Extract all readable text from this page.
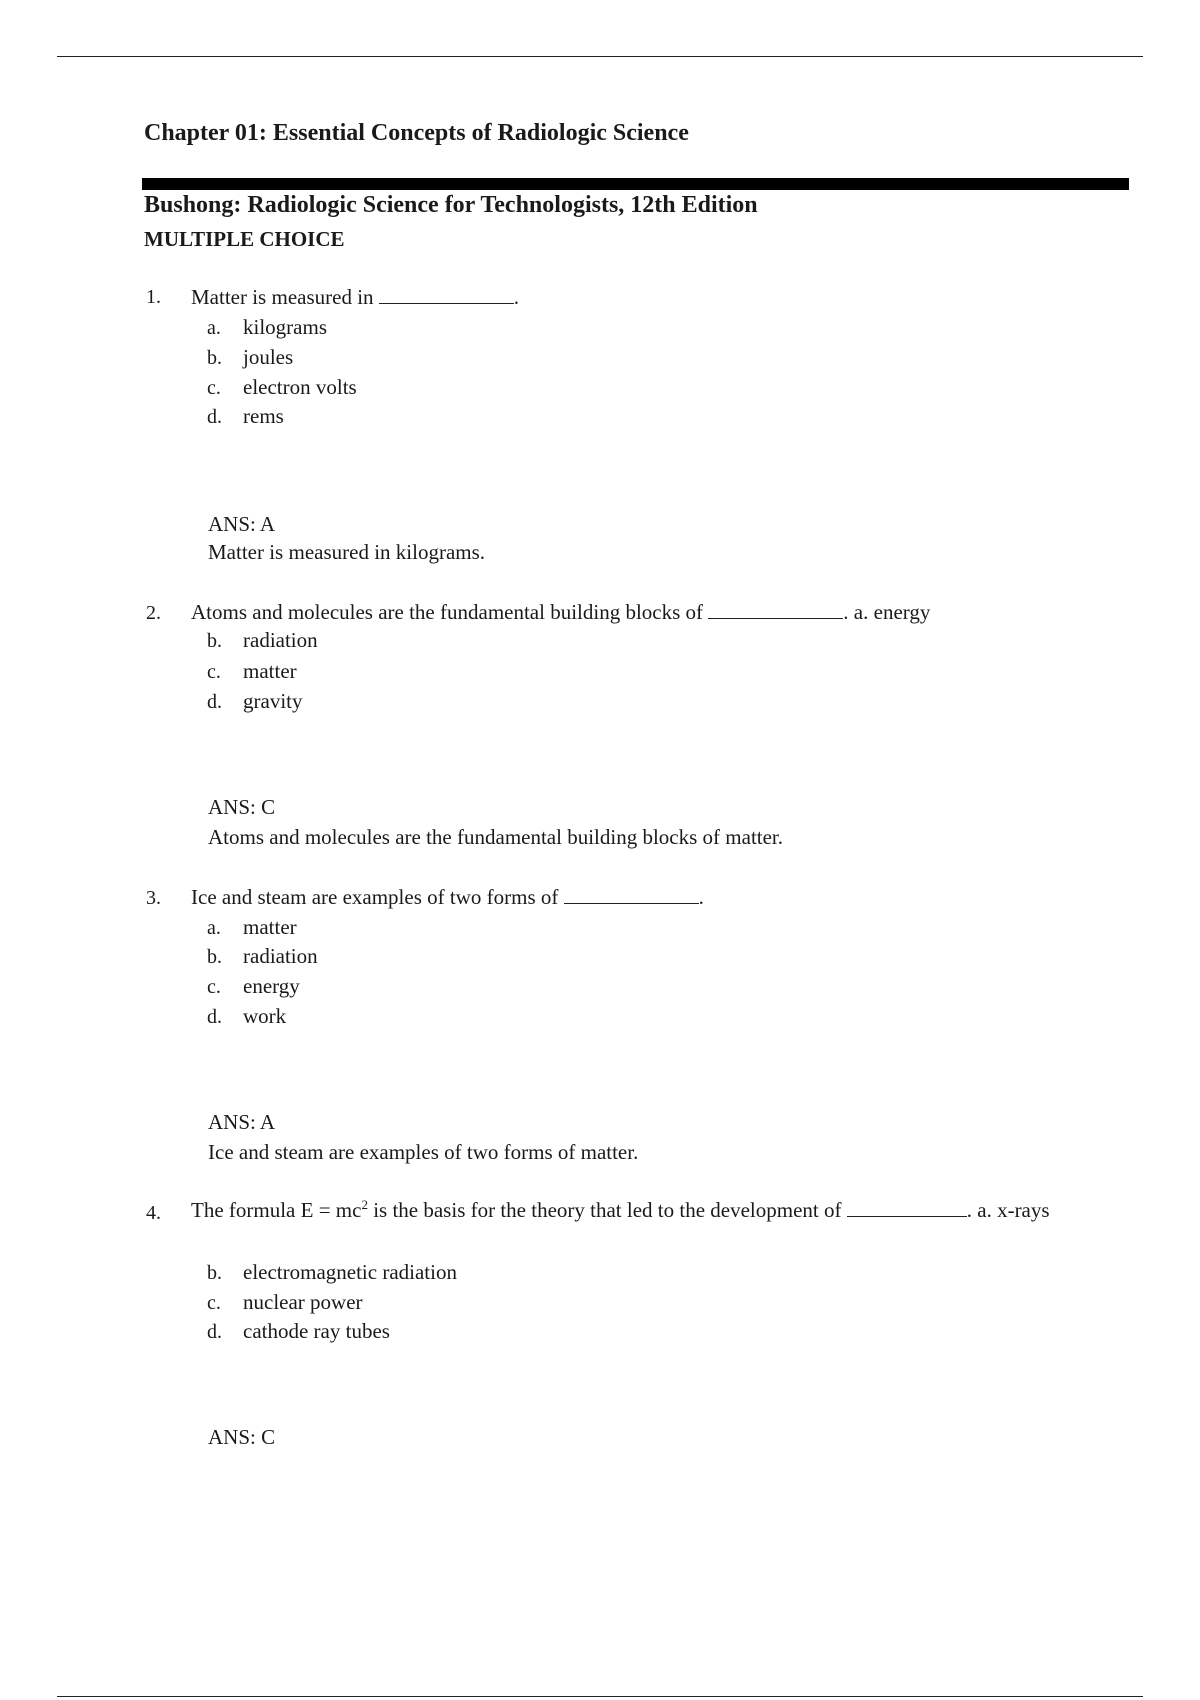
Chapter 01: Essential Concepts of Radiologic Science
Bushong: Radiologic Science for Technologists, 12th Edition
MULTIPLE CHOICE
1. Matter is measured in	.
a. kilograms
b. joules
c. electron volts
d. rems
ANS: A
Matter is measured in kilograms.
2. Atoms and molecules are the fundamental building blocks of	. a. energy
b. radiation
c. matter
d. gravity
ANS: C
Atoms and molecules are the fundamental building blocks of matter.
3. Ice and steam are examples of two forms of	.
a. matter
b. radiation
c. energy
d. work
ANS: A
Ice and steam are examples of two forms of matter.
4. The formula $E = mc^2$ is the basis for the theory that led to the development of	. a. x-rays
b. electromagnetic radiation
c. nuclear power
d. cathode ray tubes
ANS: C
